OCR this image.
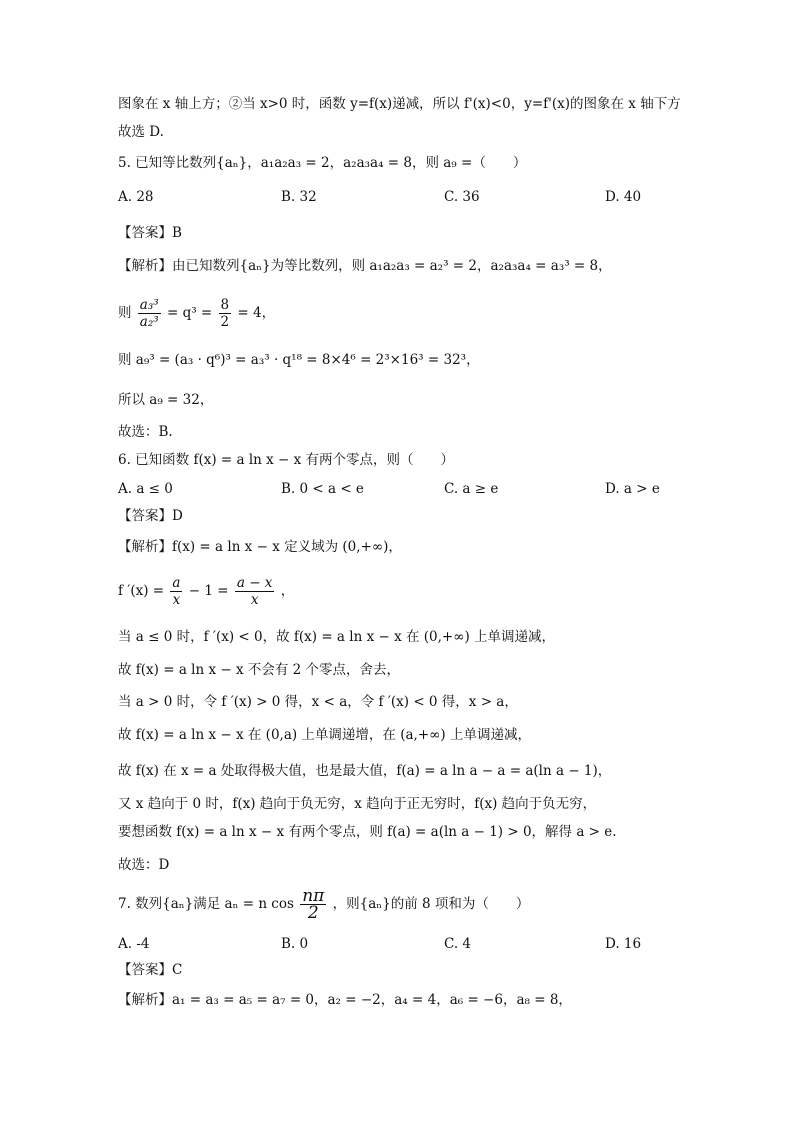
图象在 x 轴上方；②当 x>0 时，函数 y=f(x)递减，所以 f'(x)<0，y=f'(x)的图象在 x 轴下方
故选 D.
5. 已知等比数列{aₙ}，a₁a₂a₃ = 2，a₂a₃a₄ = 8，则 a₉ =（　　）
A. 28	B. 32	C. 36	D. 40
【答案】B
【解析】由已知数列{aₙ}为等比数列，则 a₁a₂a₃ = a₂³ = 2，a₂a₃a₄ = a₃³ = 8，
则 $\frac{\text{a₃³}}{\text{a₂³}} = q^3 = \frac{8}{2} = 4$，
则 a₉³ = (a₃ · q⁶)³ = a₃³ · q¹⁸ = 8×4⁶ = 2³×16³ = 32³，
所以 a₉ = 32，
故选：B.
6. 已知函数 f(x) = a ln x − x 有两个零点，则（　　）
A. a ≤ 0	B. 0 < a < e	C. a ≥ e	D. a > e
【答案】D
【解析】f(x) = a ln x − x 定义域为 (0,+∞)，
f $'(x) = \frac{a}{x} - 1 = \frac{a - x}{x}$ ，
当 a ≤ 0 时，f ′(x) < 0，故 f(x) = a ln x − x 在 (0,+∞) 上单调递减，
故 f(x) = a ln x − x 不会有 2 个零点，舍去，
当 a > 0 时，令 f ′(x) > 0 得，x < a，令 f ′(x) < 0 得，x > a，
故 f(x) = a ln x − x 在 (0,a) 上单调递增，在 (a,+∞) 上单调递减，
故 f(x) 在 x = a 处取得极大值，也是最大值，f(a) = a ln a − a = a(ln a − 1)，
又 x 趋向于 0 时，f(x) 趋向于负无穷，x 趋向于正无穷时，f(x) 趋向于负无穷，
要想函数 f(x) = a ln x − x 有两个零点，则 f(a) = a(ln a − 1) > 0，解得 a > e.
故选：D
7. 数列{aₙ}满足 aₙ = n $\cos \frac{n\pi}{2}$ ，则{aₙ}的前 8 项和为（　　）
A. -4	B. 0	C. 4	D. 16
【答案】C
【解析】a₁ = a₃ = a₅ = a₇ = 0，a₂ = −2，a₄ = 4，a₆ = −6，a₈ = 8，
